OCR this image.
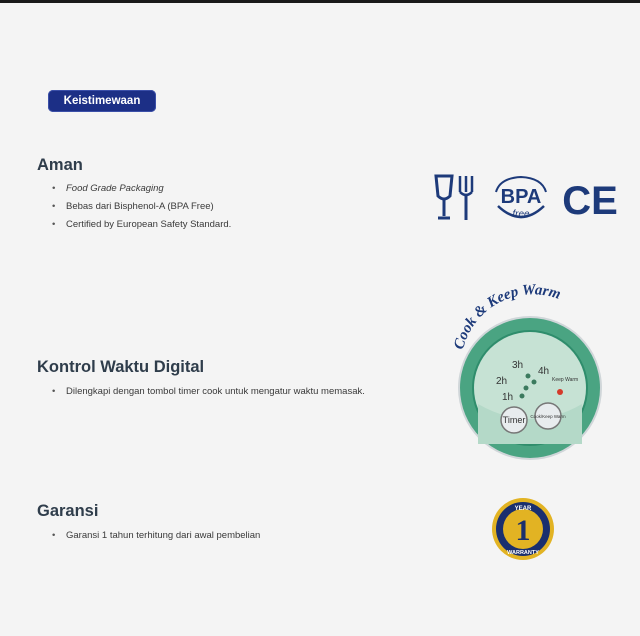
Keistimewaan
Aman
• Food Grade Packaging
• Bebas dari Bisphenol-A (BPA Free)
• Certified by European Safety Standard.
Kontrol Waktu Digital
• Dilengkapi dengan tombol timer cook untuk mengatur waktu memasak.
Garansi
• Garansi 1 tahun terhitung dari awal pembelian
BPA
free CE
Cook & Keep Warm
3h
2h
4h
1h
Keep Warm
Timer Cook/Keep Warm
1
YEAR
WARRANTY
